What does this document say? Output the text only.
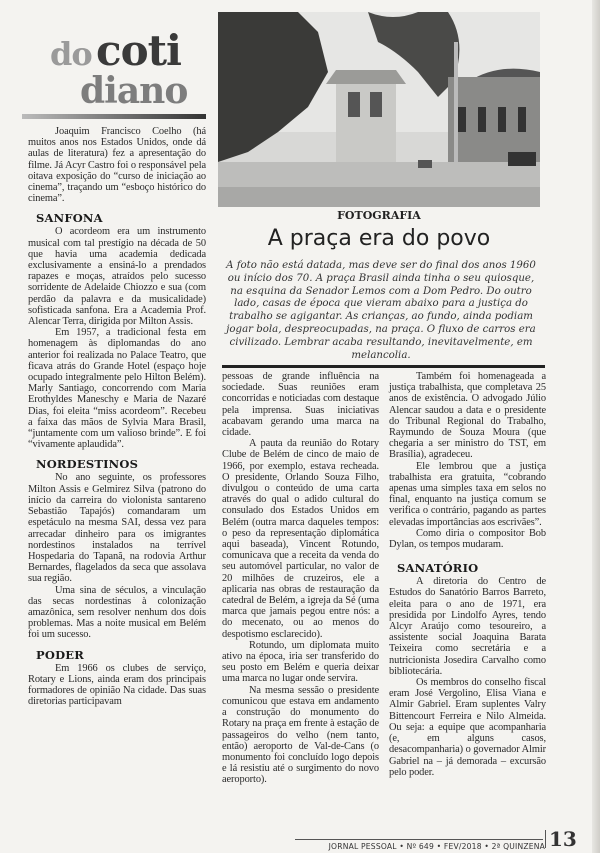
do coti
diano
FOTOGRAFIA
A praça era do povo
A foto não está datada, mas deve ser do final dos anos 1960 ou início dos 70. A praça Brasil ainda tinha o seu quiosque, na esquina da Senador Lemos com a Dom Pedro. Do outro lado, casas de época que vieram abaixo para a justiça do trabalho se agigantar. As crianças, ao fundo, ainda podiam jogar bola, despreocupadas, na praça. O fluxo de carros era civilizado. Lembrar acaba resultando, inevitavelmente, em melancolia.

Joaquim Francisco Coelho (há muitos anos nos Estados Unidos, onde dá aulas de literatura) fez a apresentação do filme. Já Acyr Castro foi o responsável pela oitava exposição do “curso de iniciação ao cinema”, traçando um “esboço histórico do cinema”.

SANFONA

O acordeom era um instrumento musical com tal prestígio na década de 50 que havia uma academia dedicada exclusivamente a ensiná-lo a prendados rapazes e moças, atraídos pelo sucesso sorridente de Adelaide Chiozzo e sua (com perdão da palavra e da musicalidade) sofisticada sanfona. Era a Academia Prof. Alencar Terra, dirigida por Milton Assis.

Em 1957, a tradicional festa em homenagem às diplomandas do ano anterior foi realizada no Palace Teatro, que ficava atrás do Grande Hotel (espaço hoje ocupado integralmente pelo Hilton Belém). Marly Santiago, concorrendo com Maria Erothyldes Maneschy e Maria de Nazaré Dias, foi eleita “miss acordeom”. Recebeu a faixa das mãos de Sylvia Mara Brasil, “juntamente com um valioso brinde”. E foi “vivamente aplaudida”.

NORDESTINOS

No ano seguinte, os professores Milton Assis e Gelmirez Silva (patrono do início da carreira do violonista santareno Sebastião Tapajós) comandaram um espetáculo na mesma SAI, dessa vez para arrecadar dinheiro para os imigrantes nordestinos instalados na terrível Hospedaria do Tapanã, na rodovia Arthur Bernardes, flagelados da seca que assolava sua região.

Uma sina de séculos, a vinculação das secas nordestinas à colonização amazônica, sem resolver nenhum dos dois problemas. Mas a noite musical em Belém foi um sucesso.

PODER

Em 1966 os clubes de serviço, Rotary e Lions, ainda eram dos principais formadores de opinião Na cidade. Das suas diretorias participavam

pessoas de grande influência na sociedade. Suas reuniões eram concorridas e noticiadas com destaque pela imprensa. Suas iniciativas acabavam gerando uma marca na cidade.

A pauta da reunião do Rotary Clube de Belém de cinco de maio de 1966, por exemplo, estava recheada. O presidente, Orlando Souza Filho, divulgou o conteúdo de uma carta através do qual o adido cultural do consulado dos Estados Unidos em Belém (outra marca daqueles tempos: o peso da representação diplomática aqui baseada), Vincent Rotundo, comunicava que a receita da venda do seu automóvel particular, no valor de 20 milhões de cruzeiros, ele a aplicaria nas obras de restauração da catedral de Belém, a igreja da Sé (uma marca que jamais pegou entre nós: a do mecenato, ou ao menos do despotismo esclarecido).

Rotundo, um diplomata muito ativo na época, iria ser transferido do seu posto em Belém e queria deixar uma marca no lugar onde servira.

Na mesma sessão o presidente comunicou que estava em andamento a construção do monumento do Rotary na praça em frente à estação de passageiros do velho (nem tanto, então) aeroporto de Val-de-Cans (o monumento foi concluído logo depois e lá resistiu até o surgimento do novo aeroporto).

Também foi homenageada a justiça trabalhista, que completava 25 anos de existência. O advogado Júlio Alencar saudou a data e o presidente do Tribunal Regional do Trabalho, Raymundo de Souza Moura (que chegaria a ser ministro do TST, em Brasília), agradeceu.

Ele lembrou que a justiça trabalhista era gratuita, “cobrando apenas uma simples taxa em selos no final, enquanto na justiça comum se verifica o contrário, pagando as partes elevadas importâncias aos escrivães”.

Como diria o compositor Bob Dylan, os tempos mudaram.

SANATÓRIO

A diretoria do Centro de Estudos do Sanatório Barros Barreto, eleita para o ano de 1971, era presidida por Lindolfo Ayres, tendo Alcyr Araújo como tesoureiro, a assistente social Joaquina Barata Teixeira como secretária e a nutricionista Josedira Carvalho como bibliotecária.

Os membros do conselho fiscal eram José Vergolino, Elisa Viana e Almir Gabriel. Eram suplentes Valry Bittencourt Ferreira e Nilo Almeida. Ou seja: a equipe que acompanharia (e, em alguns casos, desacompanharia) o governador Almir Gabriel na – já demorada – excursão pelo poder.

JORNAL PESSOAL • Nº 649 • FEV/2018 • 2ª QUINZENA 13
